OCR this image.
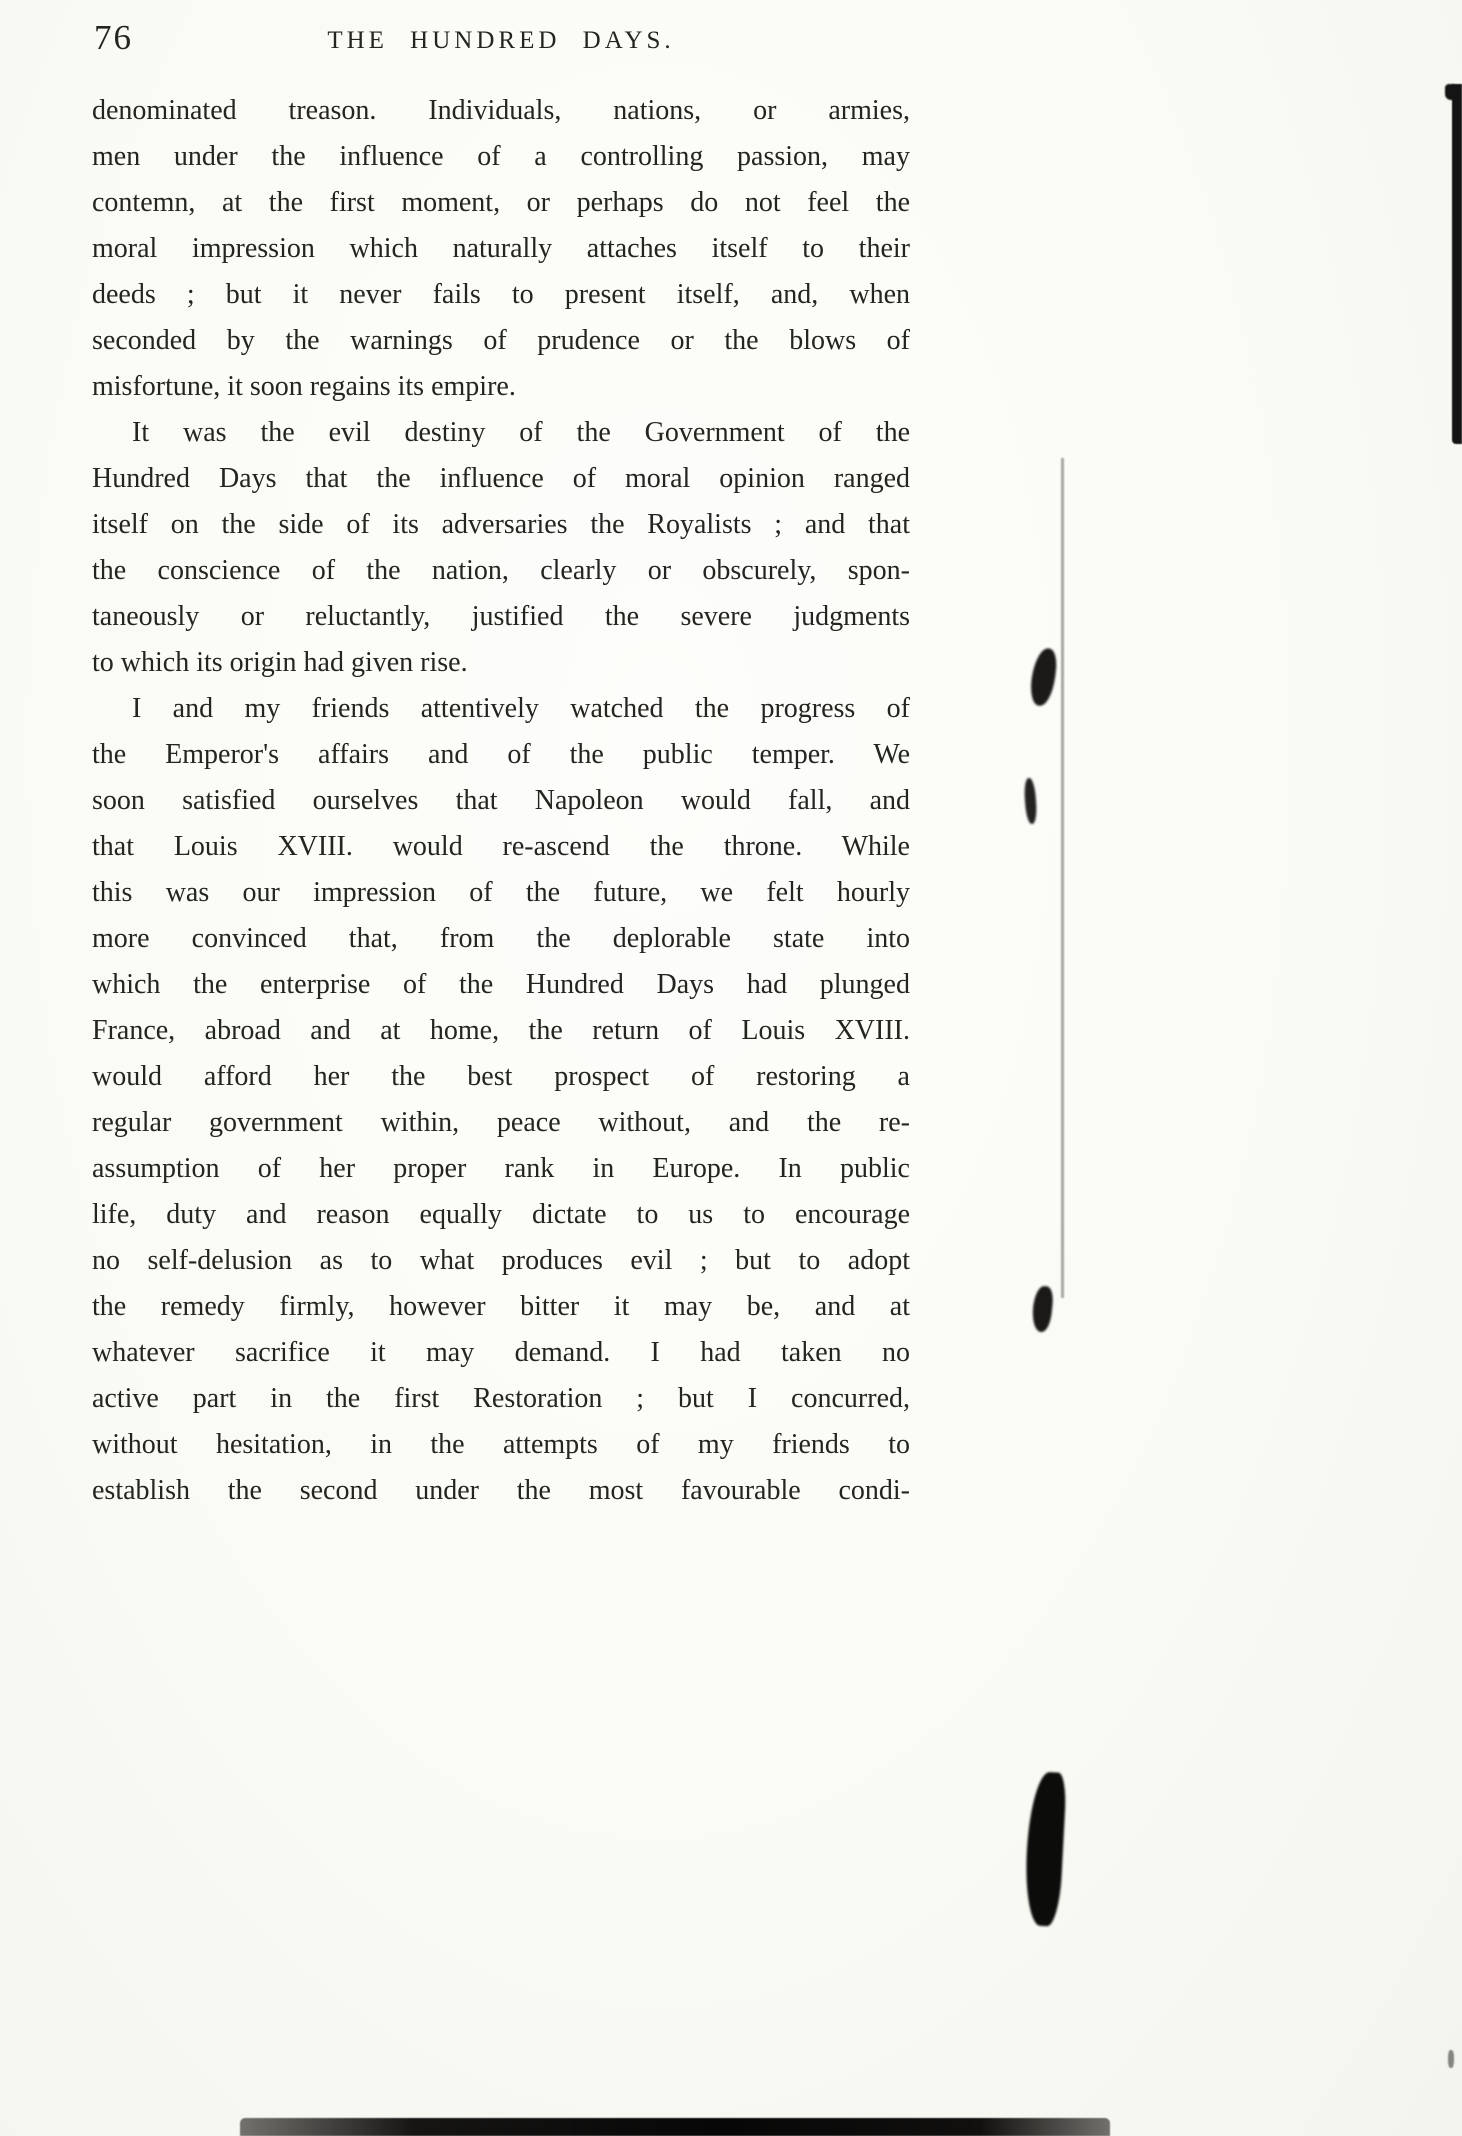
76	THE HUNDRED DAYS.
denominated treason. Individuals, nations, or armies,
men under the influence of a controlling passion, may
contemn, at the first moment, or perhaps do not feel the
moral impression which naturally attaches itself to their
deeds ; but it never fails to present itself, and, when
seconded by the warnings of prudence or the blows of
misfortune, it soon regains its empire.
It was the evil destiny of the Government of the
Hundred Days that the influence of moral opinion ranged
itself on the side of its adversaries the Royalists ; and that
the conscience of the nation, clearly or obscurely, spon-
taneously or reluctantly, justified the severe judgments
to which its origin had given rise.
I and my friends attentively watched the progress of
the Emperor's affairs and of the public temper. We
soon satisfied ourselves that Napoleon would fall, and
that Louis XVIII. would re-ascend the throne. While
this was our impression of the future, we felt hourly
more convinced that, from the deplorable state into
which the enterprise of the Hundred Days had plunged
France, abroad and at home, the return of Louis XVIII.
would afford her the best prospect of restoring a
regular government within, peace without, and the re-
assumption of her proper rank in Europe. In public
life, duty and reason equally dictate to us to encourage
no self-delusion as to what produces evil ; but to adopt
the remedy firmly, however bitter it may be, and at
whatever sacrifice it may demand. I had taken no
active part in the first Restoration ; but I concurred,
without hesitation, in the attempts of my friends to
establish the second under the most favourable condi-
